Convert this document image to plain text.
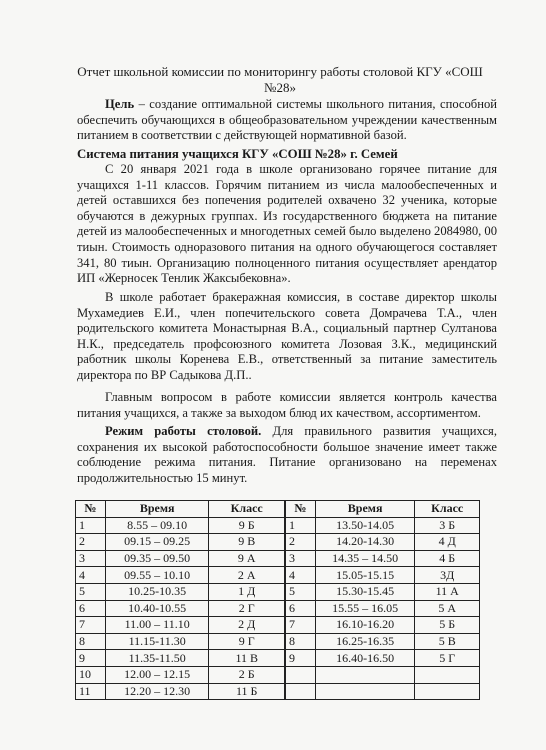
Отчет школьной комиссии по мониторингу работы столовой КГУ «СОШ
№28»
Цель – создание оптимальной системы школьного питания, способной обеспечить обучающихся в общеобразовательном учреждении качественным питанием в соответствии с действующей нормативной базой.
Система питания учащихся КГУ «СОШ №28» г. Семей
С 20 января 2021 года в школе организовано горячее питание для учащихся 1-11 классов. Горячим питанием из числа малообеспеченных и детей оставшихся без попечения родителей охвачено 32 ученика, которые обучаются в дежурных группах. Из государственного бюджета на питание детей из малообеспеченных и многодетных семей было выделено 2084980, 00 тиын. Стоимость одноразового питания на одного обучающегося составляет 341, 80 тиын. Организацию полноценного питания осуществляет арендатор ИП «Жерносек Тенлик Жаксыбековна».
В школе работает бракеражная комиссия, в составе директор школы Мухамедиев Е.И., член попечительского совета Домрачева Т.А., член родительского комитета Монастырная В.А., социальный партнер Султанова Н.К., председатель профсоюзного комитета Лозовая З.К., медицинский работник школы Коренева Е.В., ответственный за питание заместитель директора по ВР Садыкова Д.П..
Главным вопросом в работе комиссии является контроль качества питания учащихся, а также за выходом блюд их качеством, ассортиментом.
Режим работы столовой. Для правильного развития учащихся, сохранения их высокой работоспособности большое значение имеет также соблюдение режима питания. Питание организовано на переменах продолжительностью 15 минут.
№	Время	Класс
1	8.55 – 09.10	9 Б
2	09.15 – 09.25	9 В
3	09.35 – 09.50	9 А
4	09.55 – 10.10	2 А
5	10.25-10.35	1 Д
6	10.40-10.55	2 Г
7	11.00 – 11.10	2 Д
8	11.15-11.30	9 Г
9	11.35-11.50	11 В
10	12.00 – 12.15	2 Б
11	12.20 – 12.30	11 Б
№	Время	Класс
1	13.50-14.05	3 Б
2	14.20-14.30	4 Д
3	14.35 – 14.50	4 Б
4	15.05-15.15	3Д
5	15.30-15.45	11 А
6	15.55 – 16.05	5 А
7	16.10-16.20	5 Б
8	16.25-16.35	5 В
9	16.40-16.50	5 Г
